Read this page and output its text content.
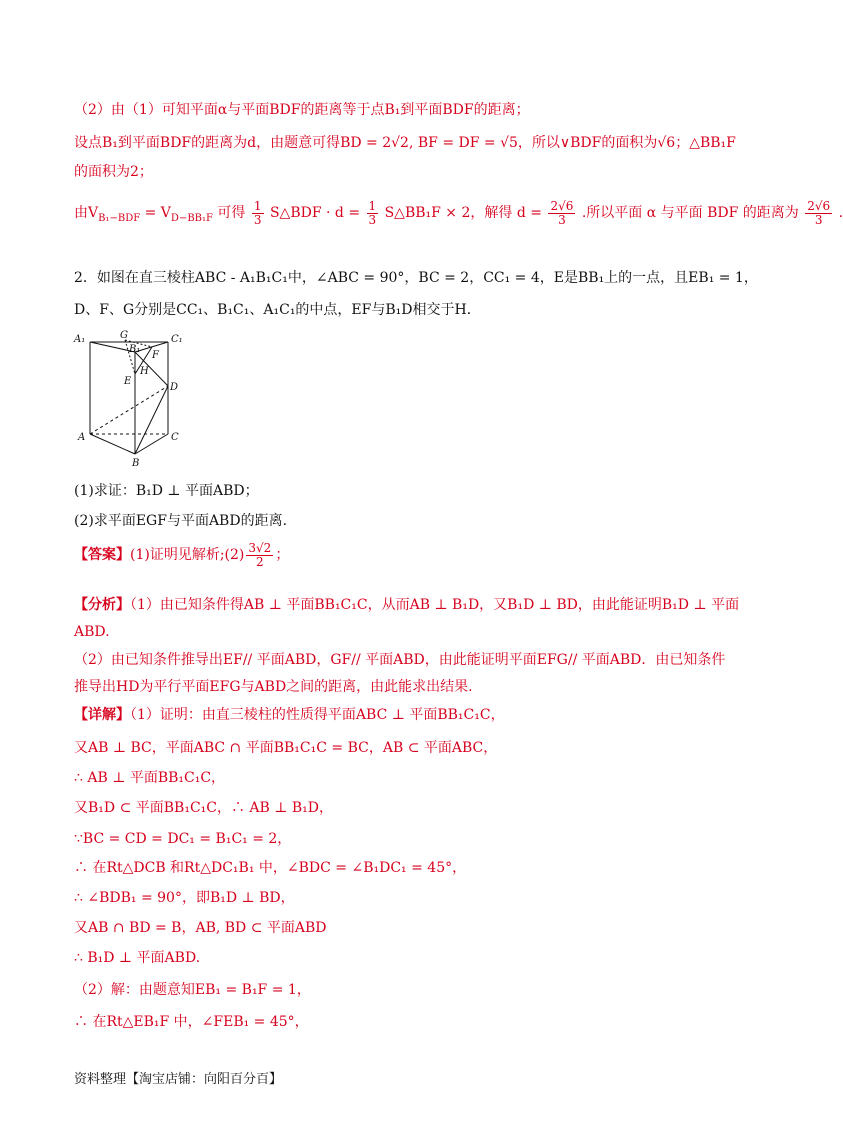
（2）由（1）可知平面α与平面BDF的距离等于点B₁到平面BDF的距离；
设点B₁到平面BDF的距离为d，由题意可得BD = 2√2, BF = DF = √5，所以∨BDF的面积为√6；△BB₁F
的面积为2；
由$V_{B_1-BDF} = V_{D-BB_1F}$ 可得 $\frac{1}{3}$ S△BDF · $d = \frac{1}{3}$ S△BB₁F × 2，解得 $d = \frac{2√6}{3}$ .所以平面 α 与平面 BDF 的距离为 $\frac{2√6}{3}$ .
2．如图在直三棱柱ABC - A₁B₁C₁中，∠ABC = 90°，BC = 2，CC₁ = 4，E是BB₁上的一点，且EB₁ = 1，
D、F、G分别是CC₁、B₁C₁、A₁C₁的中点，EF与B₁D相交于H．
A₁	G	C₁
B₁
F
H
E
D
A	C
B
(1)求证：B₁D ⊥ 平面ABD；
(2)求平面EGF与平面ABD的距离.
【答案】(1)证明见解析;(2) $\frac{3√2}{2}$ ；
【分析】（1）由已知条件得AB ⊥ 平面BB₁C₁C，从而AB ⊥ B₁D，又B₁D ⊥ BD，由此能证明B₁D ⊥ 平面
ABD.
（2）由已知条件推导出EF// 平面ABD，GF// 平面ABD，由此能证明平面EFG// 平面ABD．由已知条件
推导出HD为平行平面EFG与ABD之间的距离，由此能求出结果.
【详解】（1）证明：由直三棱柱的性质得平面ABC ⊥ 平面BB₁C₁C，
又AB ⊥ BC，平面ABC ∩ 平面BB₁C₁C = BC，AB ⊂ 平面ABC，
∴ AB ⊥ 平面BB₁C₁C，
又B₁D ⊂ 平面BB₁C₁C，∴ AB ⊥ B₁D，
∵BC = CD = DC₁ = B₁C₁ = 2，
∴ 在Rt△DCB 和Rt△DC₁B₁ 中，∠BDC = ∠B₁DC₁ = 45°，
∴ ∠BDB₁ = 90°，即B₁D ⊥ BD，
又AB ∩ BD = B，AB, BD ⊂ 平面ABD
∴ B₁D ⊥ 平面ABD.
（2）解：由题意知EB₁ = B₁F = 1，
∴ 在Rt△EB₁F 中，∠FEB₁ = 45°，
资料整理【淘宝店铺：向阳百分百】
